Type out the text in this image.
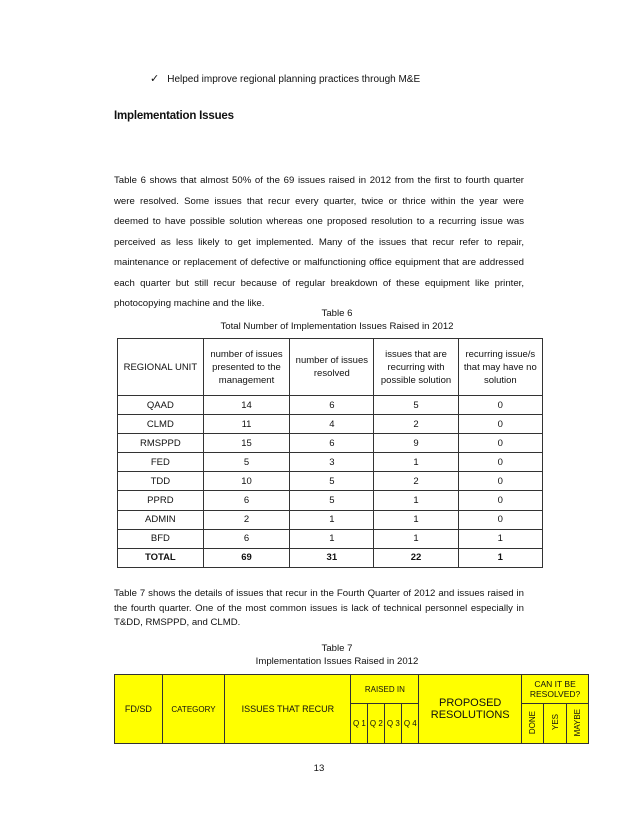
✓ Helped improve regional planning practices through M&E
Implementation Issues
Table 6 shows that almost 50% of the 69 issues raised in 2012 from the first to fourth quarter were resolved. Some issues that recur every quarter, twice or thrice within the year were deemed to have possible solution whereas one proposed resolution to a recurring issue was perceived as less likely to get implemented. Many of the issues that recur refer to repair, maintenance or replacement of defective or malfunctioning office equipment that are addressed each quarter but still recur because of regular breakdown of these equipment like printer, photocopying machine and the like.
Table 6
Total Number of Implementation Issues Raised in 2012
REGIONAL UNIT	number of issues presented to the management	number of issues resolved	issues that are recurring with possible solution	recurring issue/s that may have no solution
QAAD	14	6	5	0
CLMD	11	4	2	0
RMSPPD	15	6	9	0
FED	5	3	1	0
TDD	10	5	2	0
PPRD	6	5	1	0
ADMIN	2	1	1	0
BFD	6	1	1	1
TOTAL	69	31	22	1
Table 7 shows the details of issues that recur in the Fourth Quarter of 2012 and issues raised in the fourth quarter. One of the most common issues is lack of technical personnel especially in T&DD, RMSPPD, and CLMD.
Table 7
Implementation Issues Raised in 2012
FD/SD	CATEGORY	ISSUES THAT RECUR	RAISED IN				PROPOSED RESOLUTIONS	CAN IT BE RESOLVED?		
			Q 1	Q 2	Q 3	Q 4		DONE	YES	MAYBE
13
